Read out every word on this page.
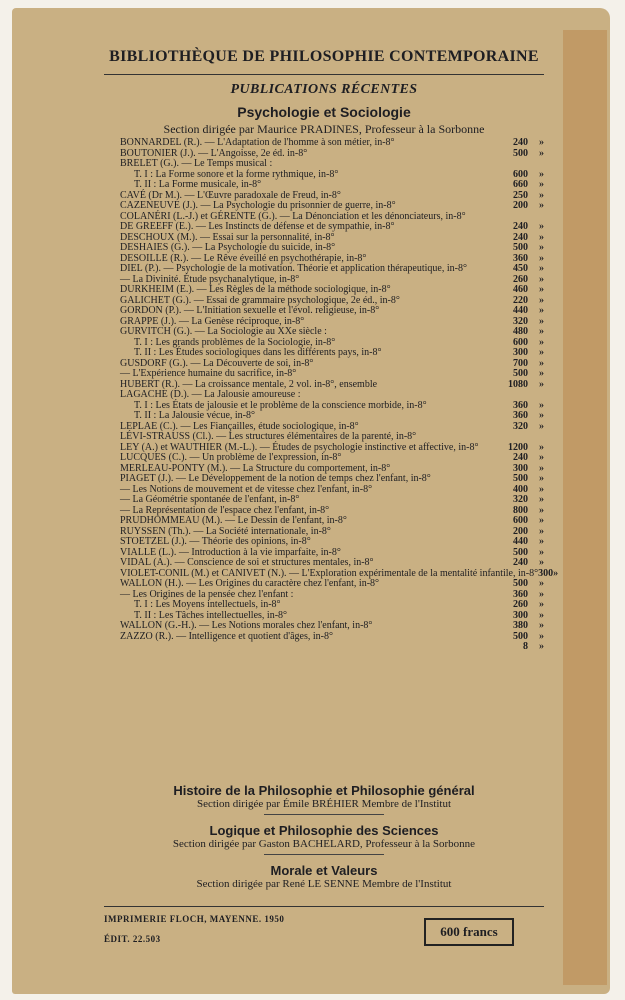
BIBLIOTHÈQUE DE PHILOSOPHIE CONTEMPORAINE
PUBLICATIONS RÉCENTES
Psychologie et Sociologie
Section dirigée par Maurice PRADINES, Professeur à la Sorbonne
BONNARDEL (R.). — L'Adaptation de l'homme à son métier, in-8°	240	»
BOUTONIER (J.). — L'Angoisse, 2e éd. in-8°	500	»
BRELET (G.). — Le Temps musical :
T. I : La Forme sonore et la forme rythmique, in-8°	600	»
T. II : La Forme musicale, in-8°	660	»
CAVÉ (Dr M.). — L'Œuvre paradoxale de Freud, in-8°	250	»
CAZENEUVE (J.). — La Psychologie du prisonnier de guerre, in-8°	200	»
COLANÉRI (L.-J.) et GÉRENTE (G.). — La Dénonciation et les dénonciateurs, in-8°
DE GREEFF (E.). — Les Instincts de défense et de sympathie, in-8°	240	»
DESCHOUX (M.). — Essai sur la personnalité, in-8°	240	»
DESHAIES (G.). — La Psychologie du suicide, in-8°	500	»
DESOILLE (R.). — Le Rêve éveillé en psychothérapie, in-8°	360	»
DIEL (P.). — Psychologie de la motivation. Théorie et application thérapeutique, in-8°	450	»
— La Divinité. Étude psychanalytique, in-8°	260	»
DURKHEIM (E.). — Les Règles de la méthode sociologique, in-8°	460	»
GALICHET (G.). — Essai de grammaire psychologique, 2e éd., in-8°	220	»
GORDON (P.). — L'Initiation sexuelle et l'évol. religieuse, in-8°	440	»
GRAPPE (J.). — La Genèse réciproque, in-8°	320	»
GURVITCH (G.). — La Sociologie au XXe siècle :	480	»
T. I : Les grands problèmes de la Sociologie, in-8°	600	»
T. II : Les Études sociologiques dans les différents pays, in-8°	300	»
GUSDORF (G.). — La Découverte de soi, in-8°	700	»
— L'Expérience humaine du sacrifice, in-8°	500	»
HUBERT (R.). — La croissance mentale, 2 vol. in-8°, ensemble	1080	»
LAGACHE (D.). — La Jalousie amoureuse :
T. I : Les États de jalousie et le problème de la conscience morbide, in-8°	360	»
T. II : La Jalousie vécue, in-8°	360	»
LEPLAE (C.). — Les Fiançailles, étude sociologique, in-8°	320	»
LÉVI-STRAUSS (Cl.). — Les structures élémentaires de la parenté, in-8°
LEY (A.) et WAUTHIER (M.-L.). — Études de psychologie instinctive et affective, in-8°	1200	»
LUCQUES (C.). — Un problème de l'expression, in-8°	240	»
MERLEAU-PONTY (M.). — La Structure du comportement, in-8°	300	»
PIAGET (J.). — Le Développement de la notion de temps chez l'enfant, in-8°	500	»
— Les Notions de mouvement et de vitesse chez l'enfant, in-8°	400	»
— La Géométrie spontanée de l'enfant, in-8°	320	»
— La Représentation de l'espace chez l'enfant, in-8°	800	»
PRUDHOMMEAU (M.). — Le Dessin de l'enfant, in-8°	600	»
RUYSSEN (Th.). — La Société internationale, in-8°	200	»
STOETZEL (J.). — Théorie des opinions, in-8°	440	»
VIALLE (L.). — Introduction à la vie imparfaite, in-8°	500	»
VIDAL (A.). — Conscience de soi et structures mentales, in-8°	240	»
VIOLET-CONIL (M.) et CANIVET (N.). — L'Exploration expérimentale de la mentalité infantile, in-8° 300 »
WALLON (H.). — Les Origines du caractère chez l'enfant, in-8°	500	»
— Les Origines de la pensée chez l'enfant :	360	»
T. I : Les Moyens intellectuels, in-8°	260	»
T. II : Les Tâches intellectuelles, in-8°	300	»
WALLON (G.-H.). — Les Notions morales chez l'enfant, in-8°	380	»
ZAZZO (R.). — Intelligence et quotient d'âges, in-8°	500	»
8	»
Histoire de la Philosophie et Philosophie général
Section dirigée par Émile BRÉHIER Membre de l'Institut
Logique et Philosophie des Sciences
Section dirigée par Gaston BACHELARD, Professeur à la Sorbonne
Morale et Valeurs
Section dirigée par René LE SENNE Membre de l'Institut
IMPRIMERIE FLOCH, MAYENNE. 1950
ÉDIT. 22.503	600 francs
